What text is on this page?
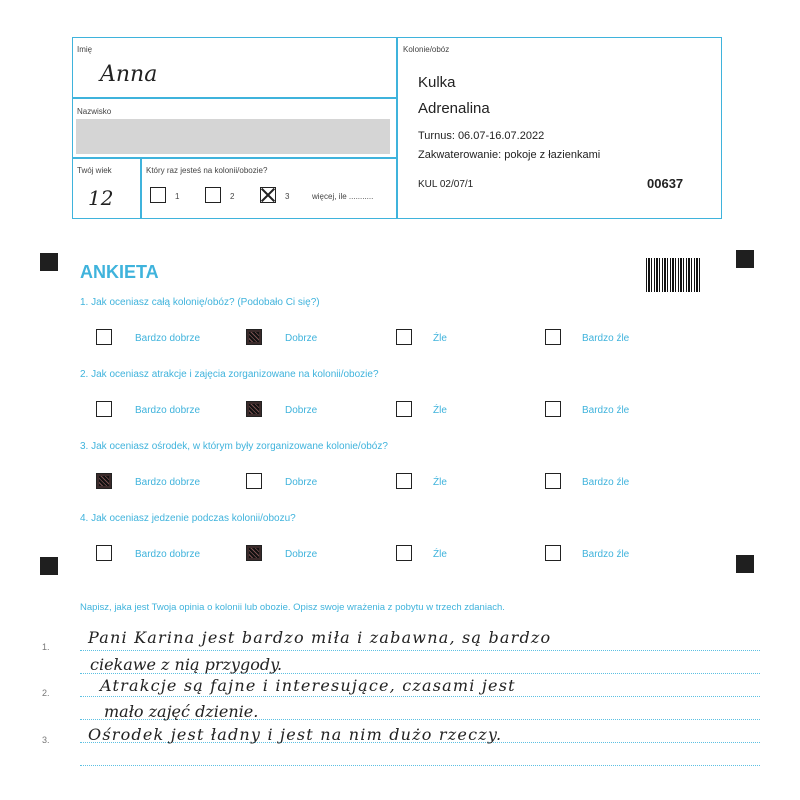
Imię
Anna
Nazwisko
Twój wiek
12
Który raz jesteś na kolonii/obozie?
1	2	3	więcej, ile ...........
Kolonie/obóz
Kulka
Adrenalina
Turnus: 06.07-16.07.2022
Zakwaterowanie: pokoje z łazienkami
KUL 02/07/1	00637
ANKIETA
1. Jak oceniasz całą kolonię/obóz? (Podobało Ci się?)
Bardzo dobrze	Dobrze	Źle	Bardzo źle
2. Jak oceniasz atrakcje i zajęcia zorganizowane na kolonii/obozie?
Bardzo dobrze	Dobrze	Źle	Bardzo źle
3. Jak oceniasz ośrodek, w którym były zorganizowane kolonie/obóz?
Bardzo dobrze	Dobrze	Źle	Bardzo źle
4. Jak oceniasz jedzenie podczas kolonii/obozu?
Bardzo dobrze	Dobrze	Źle	Bardzo źle
Napisz, jaka jest Twoja opinia o kolonii lub obozie. Opisz swoje wrażenia z pobytu w trzech zdaniach.
1.
2.
3.
Pani Karina jest bardzo miła i zabawna, są bardzo
ciekawe z nią przygody.
Atrakcje są fajne i interesujące, czasami jest
mało zajęć dzienie.
Ośrodek jest ładny i jest na nim dużo rzeczy.
